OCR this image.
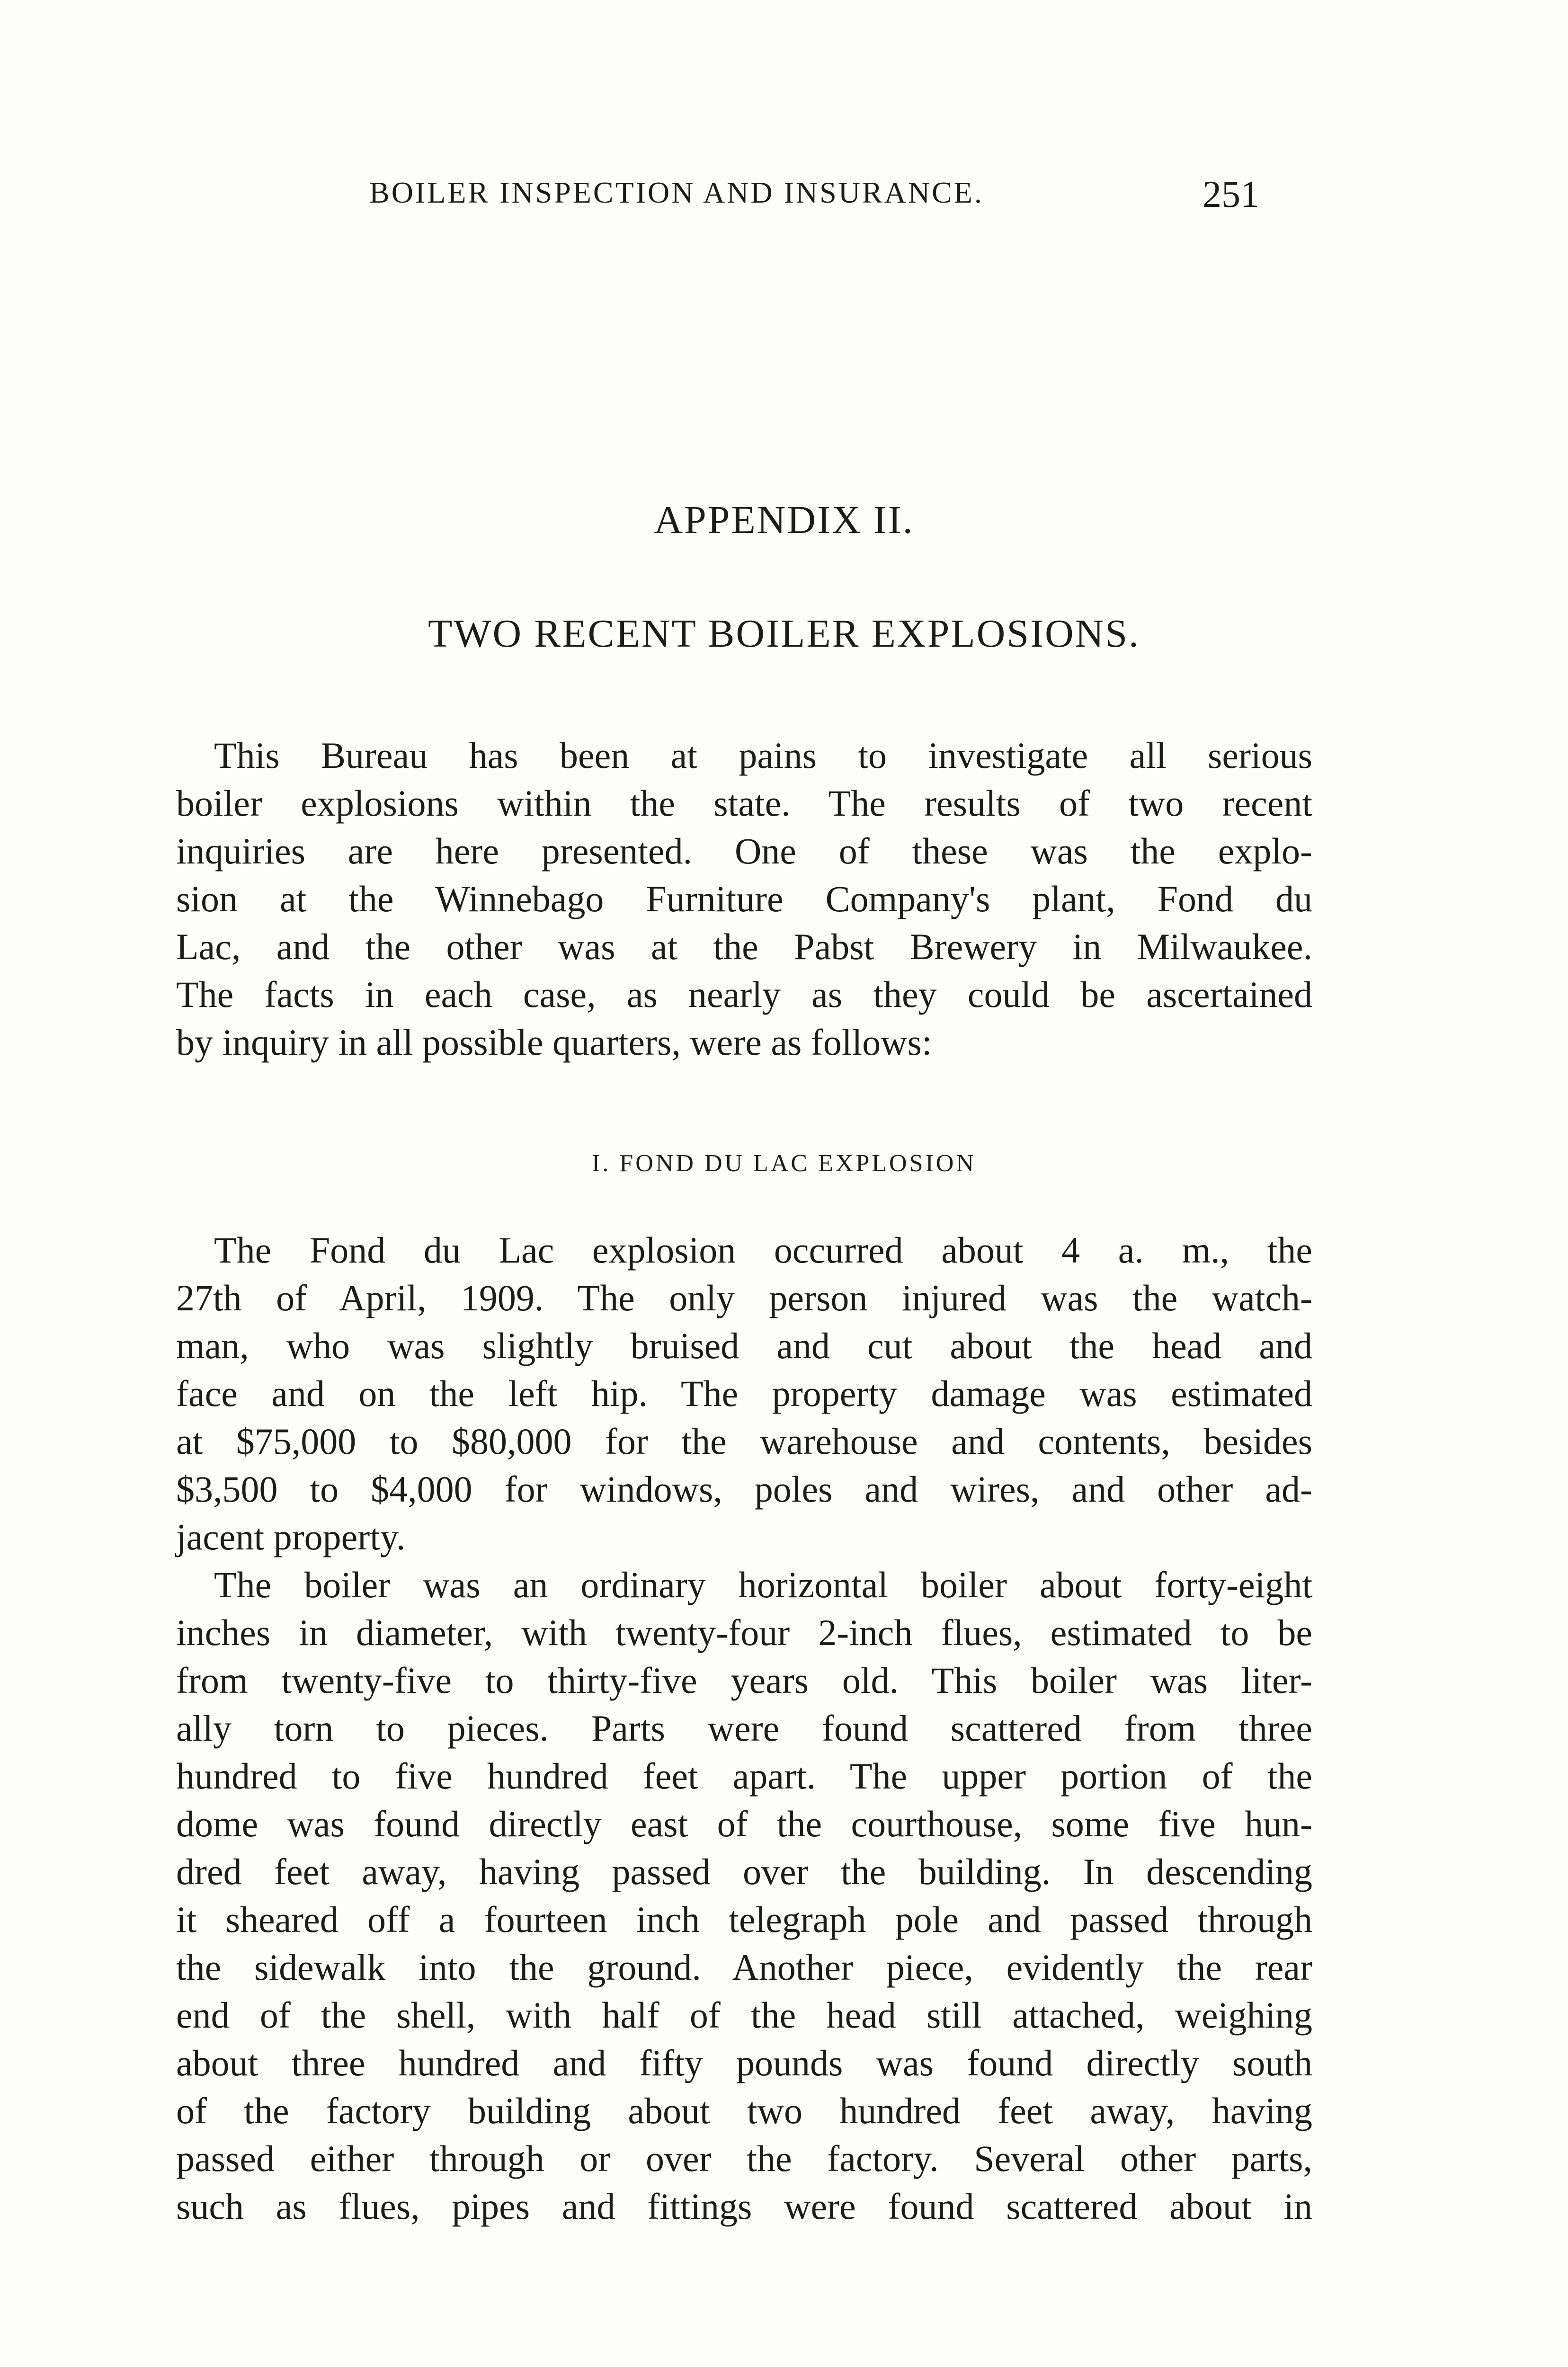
BOILER INSPECTION AND INSURANCE.	251
APPENDIX II.
TWO RECENT BOILER EXPLOSIONS.
This Bureau has been at pains to investigate all serious
boiler explosions within the state. The results of two recent
inquiries are here presented. One of these was the explo-
sion at the Winnebago Furniture Company's plant, Fond du
Lac, and the other was at the Pabst Brewery in Milwaukee.
The facts in each case, as nearly as they could be ascertained
by inquiry in all possible quarters, were as follows:
I. FOND DU LAC EXPLOSION
The Fond du Lac explosion occurred about 4 a. m., the
27th of April, 1909. The only person injured was the watch-
man, who was slightly bruised and cut about the head and
face and on the left hip. The property damage was estimated
at $75,000 to $80,000 for the warehouse and contents, besides
$3,500 to $4,000 for windows, poles and wires, and other ad-
jacent property.
The boiler was an ordinary horizontal boiler about forty-eight
inches in diameter, with twenty-four 2-inch flues, estimated to be
from twenty-five to thirty-five years old. This boiler was liter-
ally torn to pieces. Parts were found scattered from three
hundred to five hundred feet apart. The upper portion of the
dome was found directly east of the courthouse, some five hun-
dred feet away, having passed over the building. In descending
it sheared off a fourteen inch telegraph pole and passed through
the sidewalk into the ground. Another piece, evidently the rear
end of the shell, with half of the head still attached, weighing
about three hundred and fifty pounds was found directly south
of the factory building about two hundred feet away, having
passed either through or over the factory. Several other parts,
such as flues, pipes and fittings were found scattered about in
